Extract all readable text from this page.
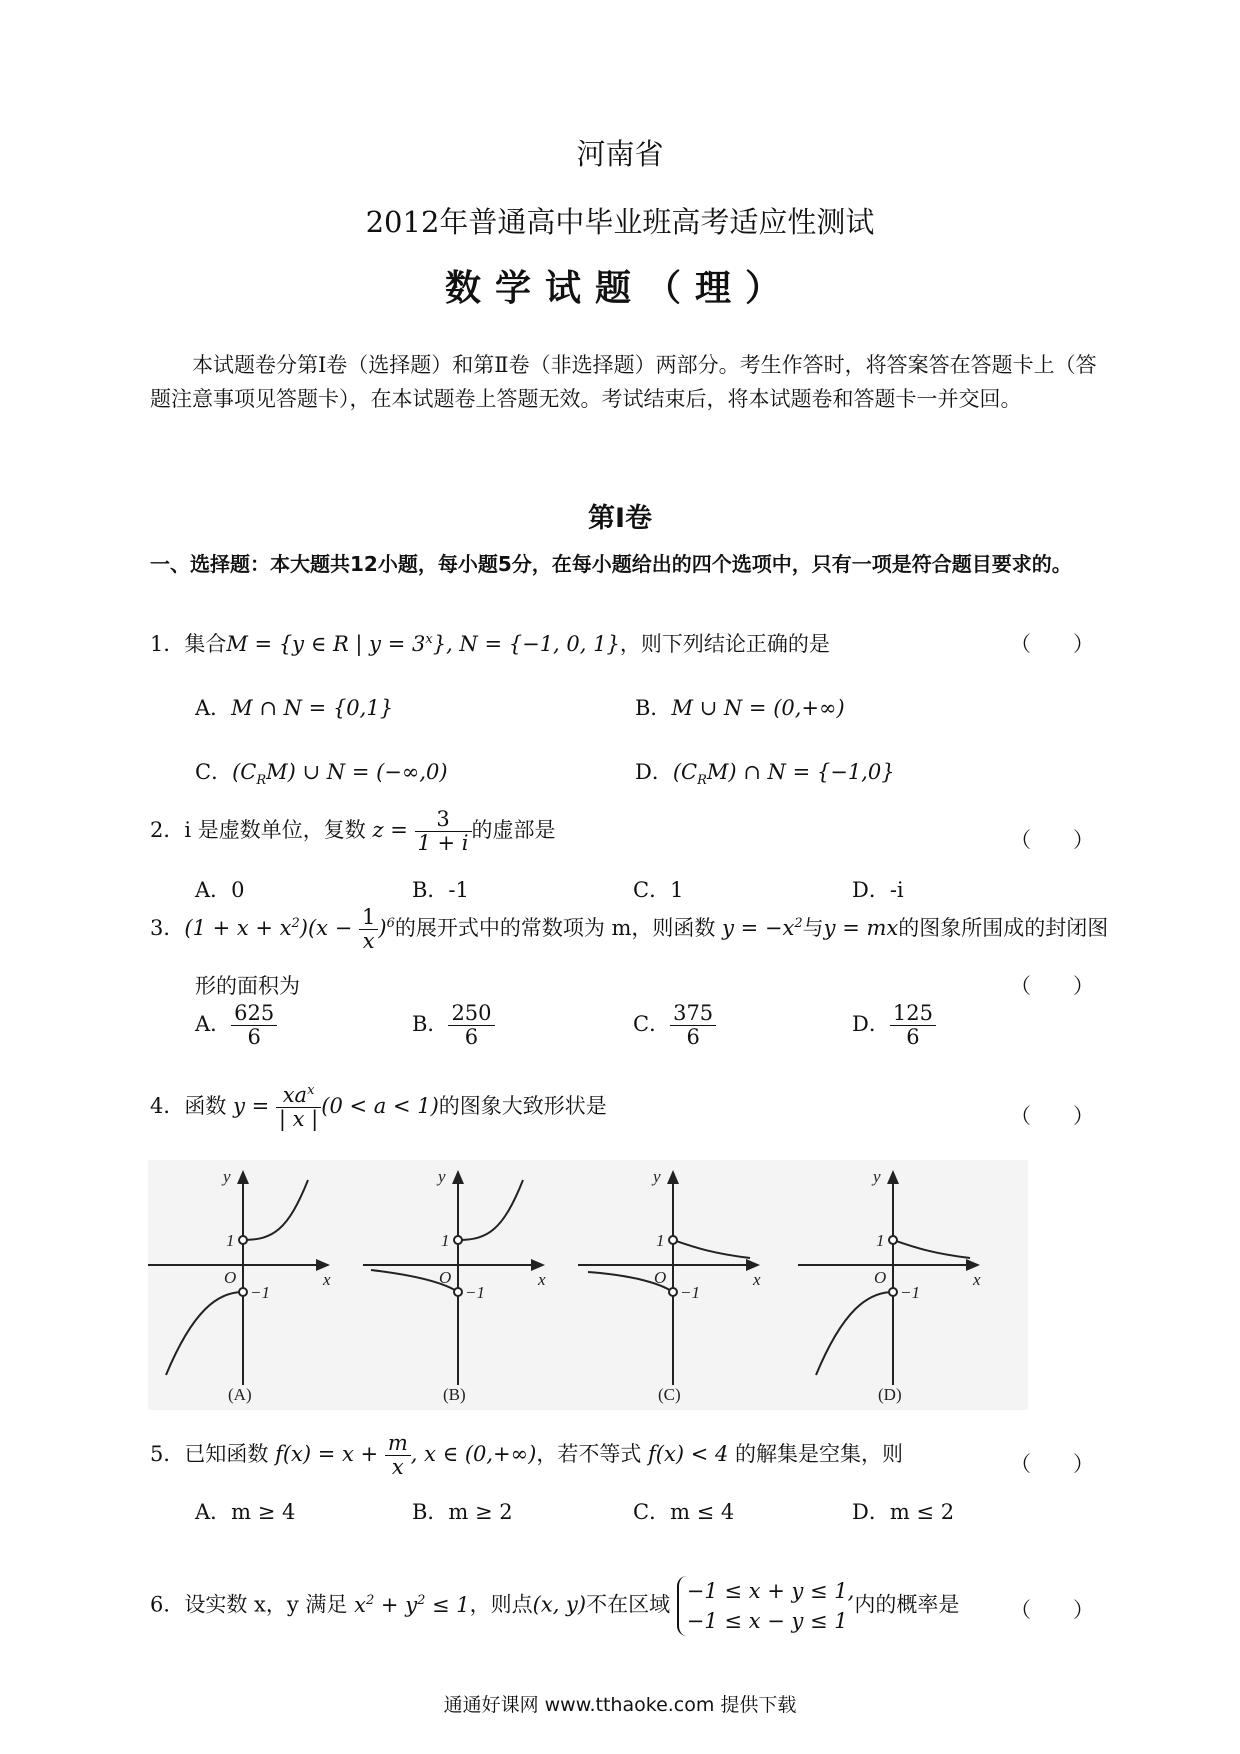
河南省
2012年普通高中毕业班高考适应性测试
数学试题（理）
本试题卷分第Ⅰ卷（选择题）和第Ⅱ卷（非选择题）两部分。考生作答时，将答案答在答题卡上（答题注意事项见答题卡），在本试题卷上答题无效。考试结束后，将本试题卷和答题卡一并交回。
第Ⅰ卷
一、选择题：本大题共12小题，每小题5分，在每小题给出的四个选项中，只有一项是符合题目要求的。
1．集合M = {y ∈ R | $y = 3^x$}, N = {−1, 0, 1}，则下列结论正确的是	（　　）
A．M ∩ N = {0,1}	B．M ∪ N = (0,+∞)
C．$(C_RM)$ ∪ N = (−∞,0)	D．$(C_RM)$ ∩ N = {−1,0}
2．i 是虚数单位，复数 $z = \frac{3}{1 + i}$ 的虚部是	（　　）
A．0	B．-1	C．1	D．-i
3．$(1 + x + x^2)(x - \frac{1}{x} )^6$的展开式中的常数项为 m，则函数 $y = -x^2$与y = mx的图象所围成的封闭图
形的面积为	（　　）
A． $\frac{625}{6}$	B． $\frac{250}{6}$	C． $\frac{375}{6}$	D． $\frac{125}{6}$
4．函数 $y = \frac{xa^x}{| x |} (0 < a < 1)$的图象大致形状是	（　　）
y
x
O
1
−1
(A)
y
x
O
1
−1
(B)
y
x
O
1
−1
(C)
y
x
O
1
−1
(D)
5．已知函数 $f(x) = x + \frac{m}{x}$ , x ∈ (0,+∞)，若不等式 f(x) < 4 的解集是空集，则	（　　）
A．m ≥ 4	B．m ≥ 2	C．m ≤ 4	D．m ≤ 2
6．设实数 x，y 满足 $x^2 + y^2 \le 1$，则点(x, y)不在区域
−1 ≤ x + y ≤ 1,
−1 ≤ x − y ≤ 1
内的概率是 （　　）
通通好课网 www.tthaoke.com 提供下载
